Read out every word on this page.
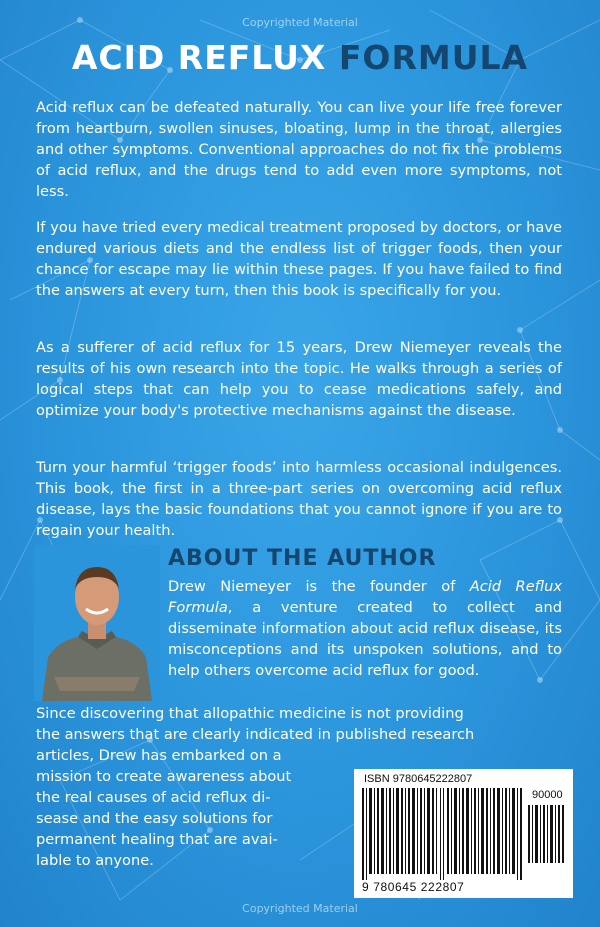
Copyrighted Material
ACID REFLUX FORMULA

Acid reflux can be defeated naturally. You can live your life free forever from heartburn, swollen sinuses, bloating, lump in the throat, allergies and other symptoms. Conventional approaches do not fix the problems of acid reflux, and the drugs tend to add even more symptoms, not less.

If you have tried every medical treatment proposed by doctors, or have endured various diets and the endless list of trigger foods, then your chance for escape may lie within these pages. If you have failed to find the answers at every turn, then this book is specifically for you.

As a sufferer of acid reflux for 15 years, Drew Niemeyer reveals the results of his own research into the topic. He walks through a series of logical steps that can help you to cease medications safely, and optimize your body's protective mechanisms against the disease.

Turn your harmful ‘trigger foods’ into harmless occasional indulgences. This book, the first in a three-part series on overcoming acid reflux disease, lays the basic foundations that you cannot ignore if you are to regain your health.

ABOUT THE AUTHOR

Drew Niemeyer is the founder of Acid Reflux Formula, a venture created to collect and disseminate information about acid reflux disease, its misconceptions and its unspoken solutions, and to help others overcome acid reflux for good.

Since discovering that allopathic medicine is not providing

the answers that are clearly indicated in published research

articles, Drew has embarked on a

mission to create awareness about

the real causes of acid reflux di-

sease and the easy solutions for

permanent healing that are avai-

lable to anyone.

ISBN 9780645222807
90000
9 780645 222807
Copyrighted Material
